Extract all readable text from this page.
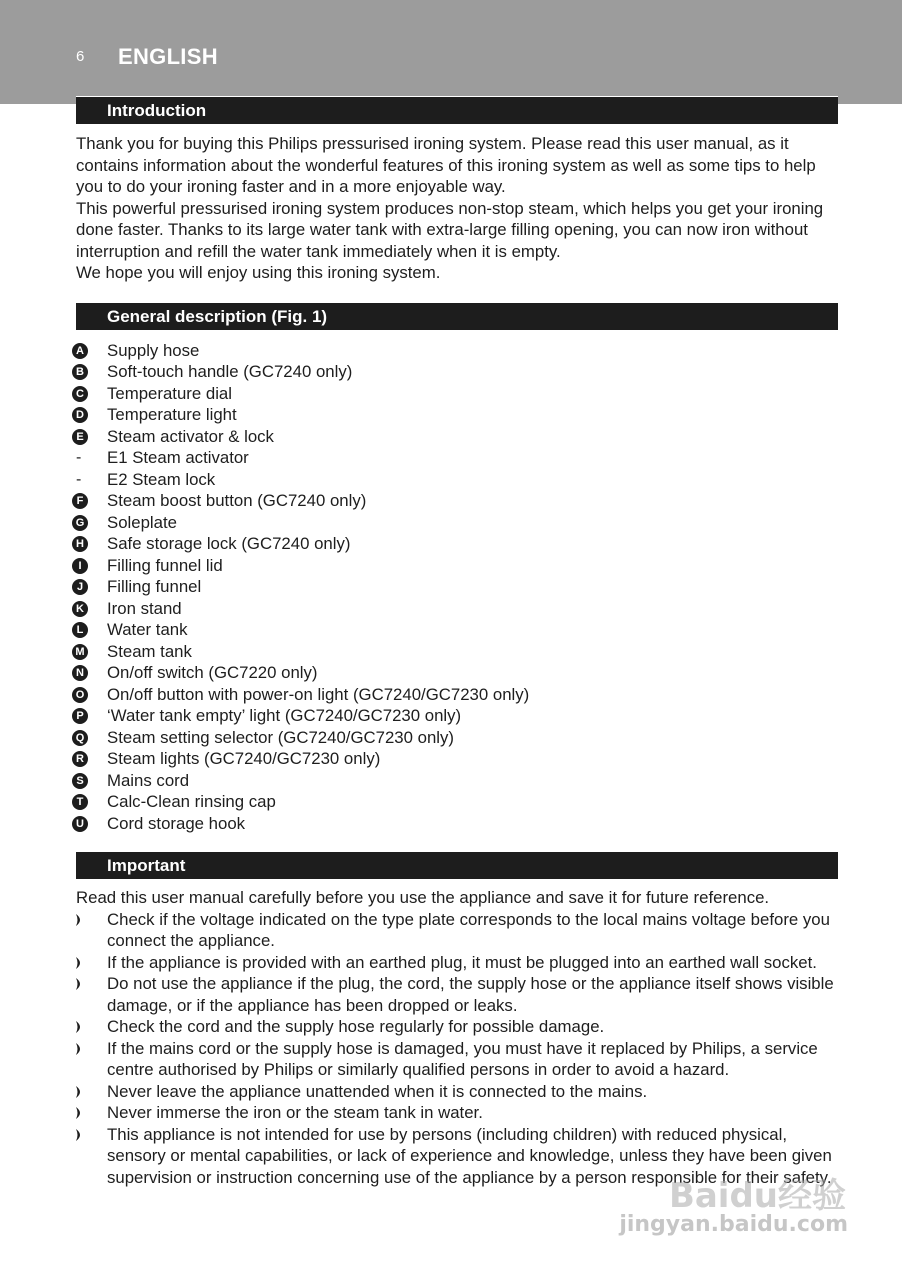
6 ENGLISH
Introduction

Thank you for buying this Philips pressurised ironing system. Please read this user manual, as it contains information about the wonderful features of this ironing system as well as some tips to help you to do your ironing faster and in a more enjoyable way.

This powerful pressurised ironing system produces non-stop steam, which helps you get your ironing done faster. Thanks to its large water tank with extra-large filling opening, you can now iron without interruption and refill the water tank immediately when it is empty.

We hope you will enjoy using this ironing system.

General description (Fig. 1)
A Supply hose
B Soft-touch handle (GC7240 only)
C Temperature dial
D Temperature light
E Steam activator & lock
- E1 Steam activator
- E2 Steam lock
F Steam boost button (GC7240 only)
G Soleplate
H Safe storage lock (GC7240 only)
I	Filling funnel lid
J Filling funnel
K Iron stand
L Water tank
M Steam tank
N On/off switch (GC7220 only)
O On/off button with power-on light (GC7240/GC7230 only)
P ‘Water tank empty’ light (GC7240/GC7230 only)
Q Steam setting selector (GC7240/GC7230 only)
R Steam lights (GC7240/GC7230 only)
S Mains cord
T Calc-Clean rinsing cap
U Cord storage hook
Important

Read this user manual carefully before you use the appliance and save it for future reference.

Check if the voltage indicated on the type plate corresponds to the local mains voltage before you connect the appliance.
If the appliance is provided with an earthed plug, it must be plugged into an earthed wall socket.
Do not use the appliance if the plug, the cord, the supply hose or the appliance itself shows visible damage, or if the appliance has been dropped or leaks.
Check the cord and the supply hose regularly for possible damage.
If the mains cord or the supply hose is damaged, you must have it replaced by Philips, a service centre authorised by Philips or similarly qualified persons in order to avoid a hazard.
Never leave the appliance unattended when it is connected to the mains.
Never immerse the iron or the steam tank in water.
This appliance is not intended for use by persons (including children) with reduced physical, sensory or mental capabilities, or lack of experience and knowledge, unless they have been given supervision or instruction concerning use of the appliance by a person responsible for their safety.
Baidu经验
jingyan.baidu.com
